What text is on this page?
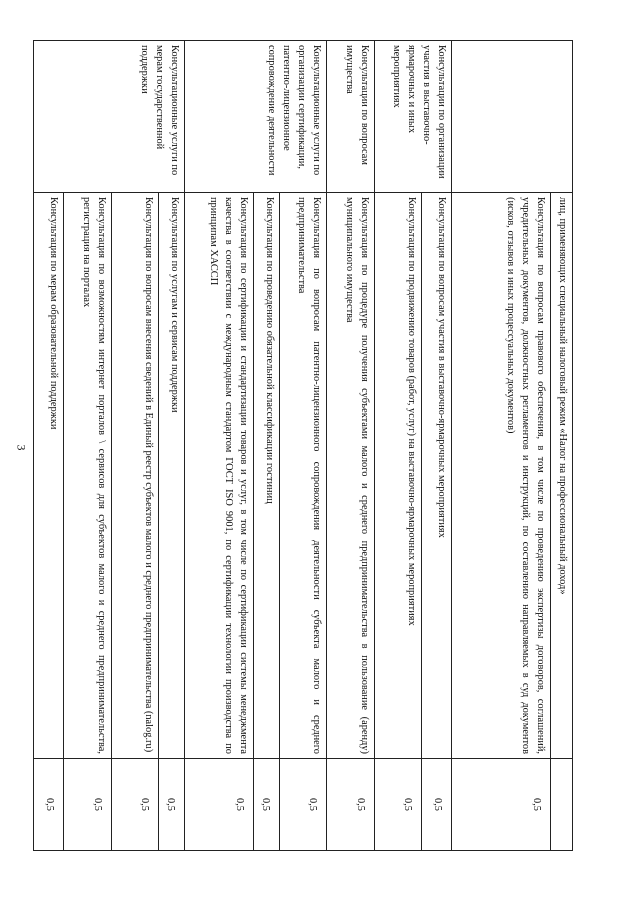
3
		лиц, применяющих специальный налоговый режим «Налог на профессиональный доход»	
	Консультация по вопросам правового обеспечения, в том числе по проведению экспертизы договоров, соглашений, учредительных документов, должностных регламентов и инструкций, по составлению направляемых в суд документов (исков, отзывов и иных процессуальных документов)	0,5
Консультации по организации участия в выставочно-ярмарочных и иных мероприятиях	Консультация по вопросам участия в выставочно-ярмарочных мероприятиях	0,5
	Консультация по продвижению товаров (работ, услуг) на выставочно-ярмарочных мероприятиях	0,5
Консультации по вопросам имущества	Консультация по процедуре получения субъектами малого и среднего предпринимательства в пользование (аренду) муниципального имущества	0,5
Консультационные услуги по организации сертификации, патентно-лицензионное сопровождение деятельности	Консультация по вопросам патентно-лицензионного сопровождения деятельности субъекта малого и среднего предпринимательства	0,5
	Консультация по проведению обязательной классификации гостиниц	0,5
	Консультация по сертификации и стандартизации товаров и услуг, в том числе по сертификации системы менеджмента качества в соответствии с международным стандартом ГОСТ ISO 9001, по сертификации технологии производства по принципам ХАССП	0,5
Консультационные услуги по мерам государственной поддержки	Консультация по услугам и сервисам поддержки	0,5
	Консультация по вопросам внесения сведений в Единый реестр субъектов малого и среднего предпринимательства (nalog.ru)	0,5
	Консультация по возможностям интернет порталов \ сервисов для субъектов малого и среднего предпринимательства, регистрация на порталах	0,5
	Консультация по мерам образовательной поддержки	0,5
